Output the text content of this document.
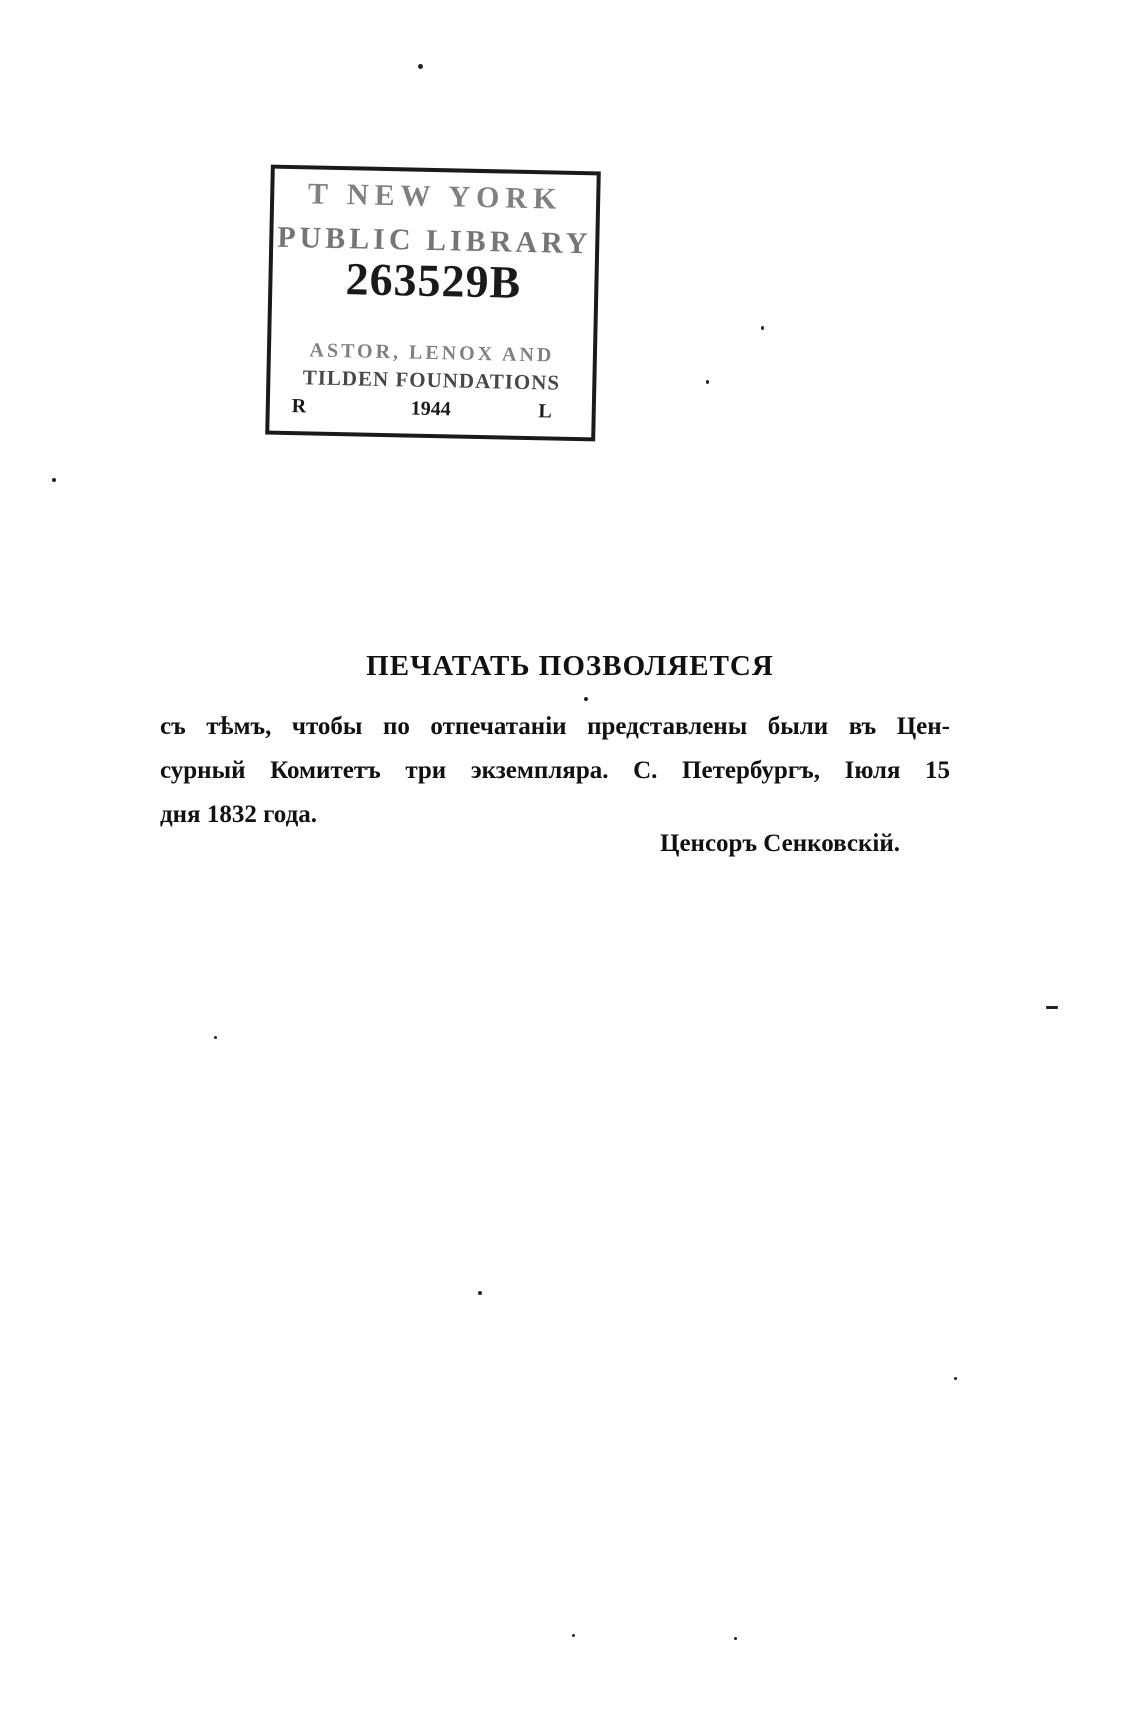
T NEW YORK
PUBLIC LIBRARY
263529B
ASTOR, LENOX AND
TILDEN FOUNDATIONS
R	1944	L
ПЕЧАТАТЬ ПОЗВОЛЯЕТСЯ
съ тѣмъ, чтобы по отпечатаніи представлены были въ Цен-
сурный Комитетъ три экземпляра. С. Петербургъ, Іюля 15
дня 1832 года.
Ценсоръ Сенковскій.
